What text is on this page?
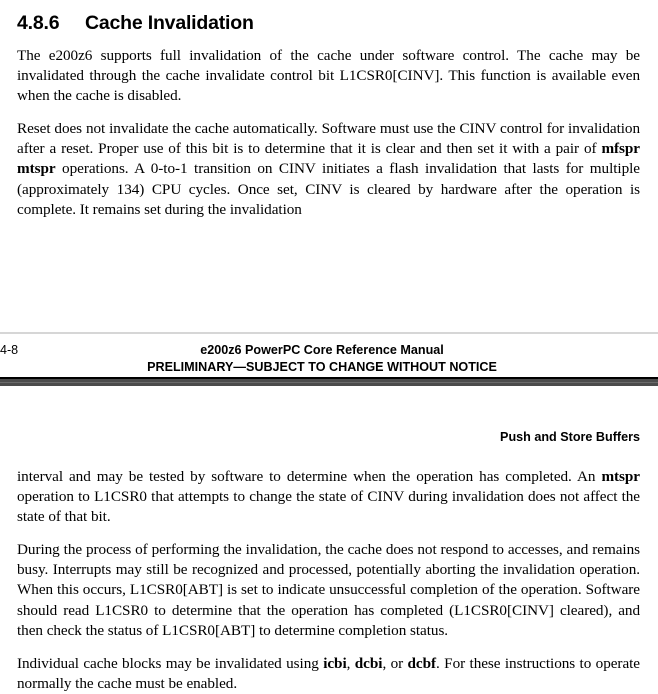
4.8.6 Cache Invalidation

The e200z6 supports full invalidation of the cache under software control. The cache may be invalidated through the cache invalidate control bit L1CSR0[CINV]. This function is available even when the cache is disabled.

Reset does not invalidate the cache automatically. Software must use the CINV control for invalidation after a reset. Proper use of this bit is to determine that it is clear and then set it with a pair of mfspr mtspr operations. A 0-to-1 transition on CINV initiates a flash invalidation that lasts for multiple (approximately 134) CPU cycles. Once set, CINV is cleared by hardware after the operation is complete. It remains set during the invalidation

4-8	e200z6 PowerPC Core Reference Manual
PRELIMINARY—SUBJECT TO CHANGE WITHOUT NOTICE
Push and Store Buffers

interval and may be tested by software to determine when the operation has completed. An mtspr operation to L1CSR0 that attempts to change the state of CINV during invalidation does not affect the state of that bit.

During the process of performing the invalidation, the cache does not respond to accesses, and remains busy. Interrupts may still be recognized and processed, potentially aborting the invalidation operation. When this occurs, L1CSR0[ABT] is set to indicate unsuccessful completion of the operation. Software should read L1CSR0 to determine that the operation has completed (L1CSR0[CINV] cleared), and then check the status of L1CSR0[ABT] to determine completion status.

Individual cache blocks may be invalidated using icbi, dcbi, or dcbf. For these instructions to operate normally the cache must be enabled.
